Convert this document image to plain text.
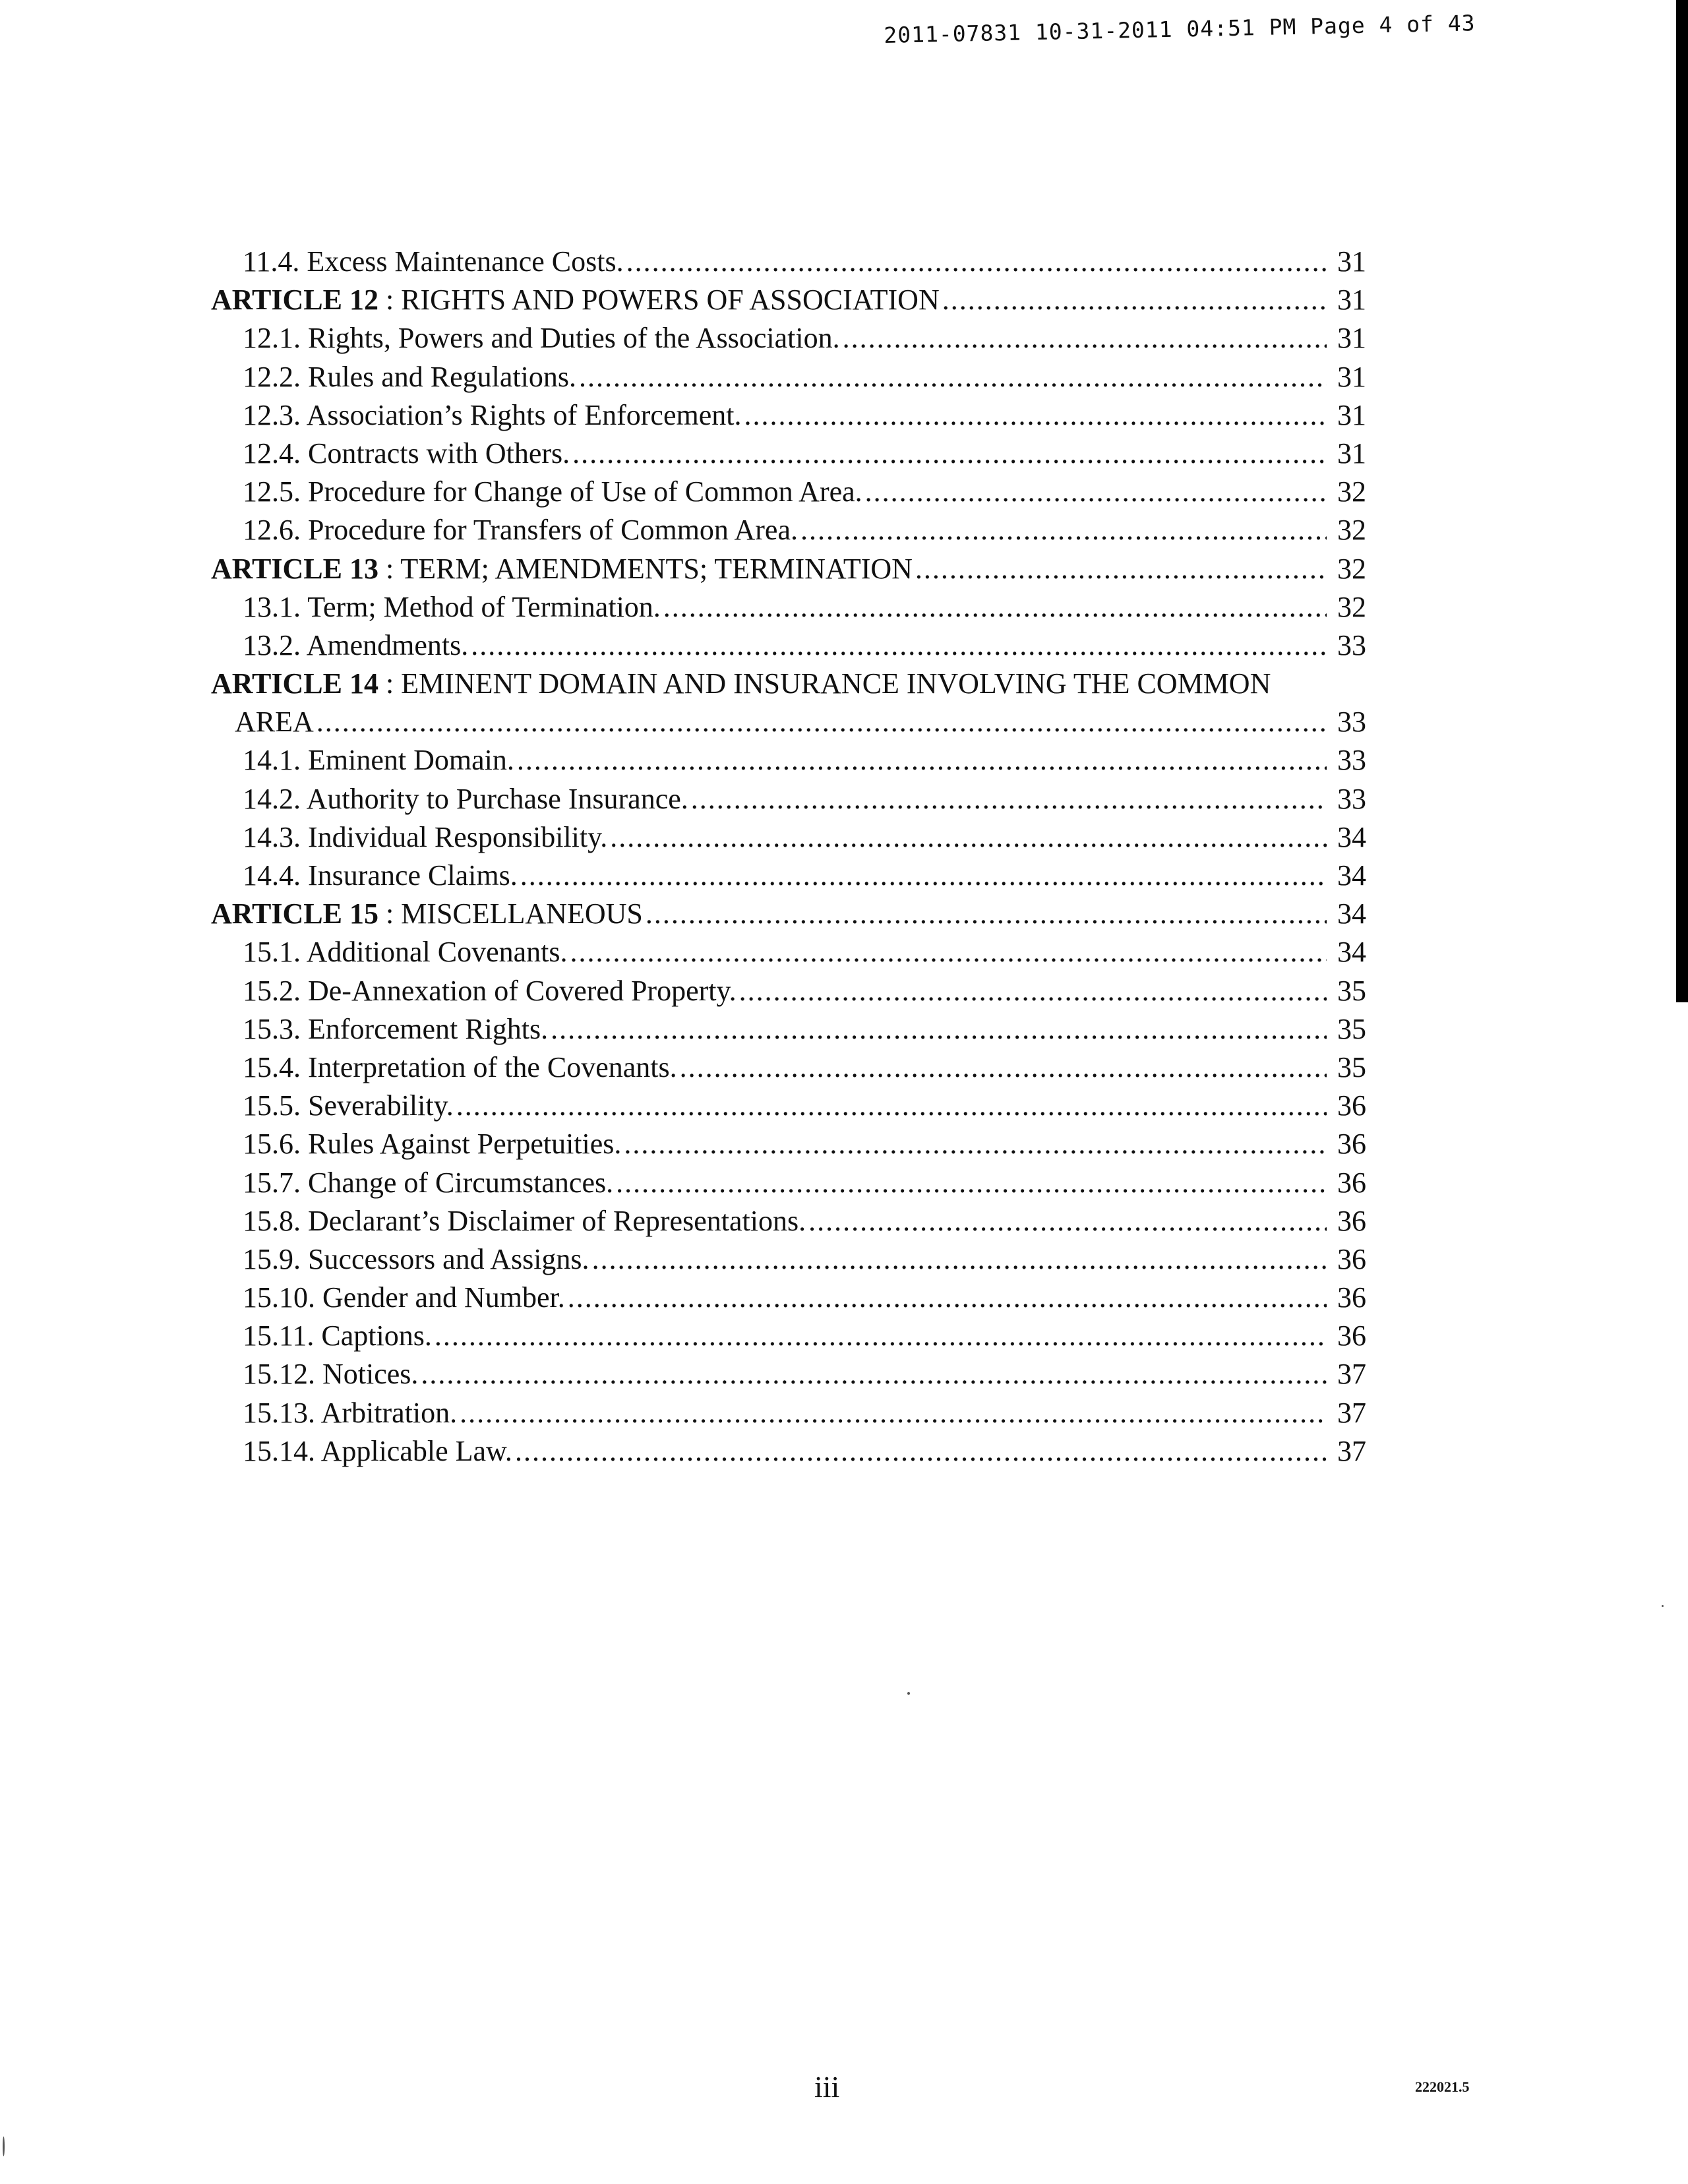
2011-07831 10-31-2011 04:51 PM Page 4 of 43
11.4. Excess Maintenance Costs. .....	31
ARTICLE 12 : RIGHTS AND POWERS OF ASSOCIATION .....	31
12.1. Rights, Powers and Duties of the Association. .....	31
12.2. Rules and Regulations. .....	31
12.3. Association’s Rights of Enforcement. .....	31
12.4. Contracts with Others. .....	31
12.5. Procedure for Change of Use of Common Area. .....	32
12.6. Procedure for Transfers of Common Area. .....	32
ARTICLE 13 : TERM; AMENDMENTS; TERMINATION .....	32
13.1. Term; Method of Termination. .....	32
13.2. Amendments. .....	33
ARTICLE 14 : EMINENT DOMAIN AND INSURANCE INVOLVING THE COMMON
AREA .....	33
14.1. Eminent Domain. .....	33
14.2. Authority to Purchase Insurance. .....	33
14.3. Individual Responsibility. .....	34
14.4. Insurance Claims. .....	34
ARTICLE 15 : MISCELLANEOUS .....	34
15.1. Additional Covenants. .....	34
15.2. De-Annexation of Covered Property. .....	35
15.3. Enforcement Rights. .....	35
15.4. Interpretation of the Covenants. .....	35
15.5. Severability. .....	36
15.6. Rules Against Perpetuities. .....	36
15.7. Change of Circumstances. .....	36
15.8. Declarant’s Disclaimer of Representations. .....	36
15.9. Successors and Assigns. .....	36
15.10. Gender and Number. .....	36
15.11. Captions. .....	36
15.12. Notices. .....	37
15.13. Arbitration. .....	37
15.14. Applicable Law. .....	37
iii	222021.5
